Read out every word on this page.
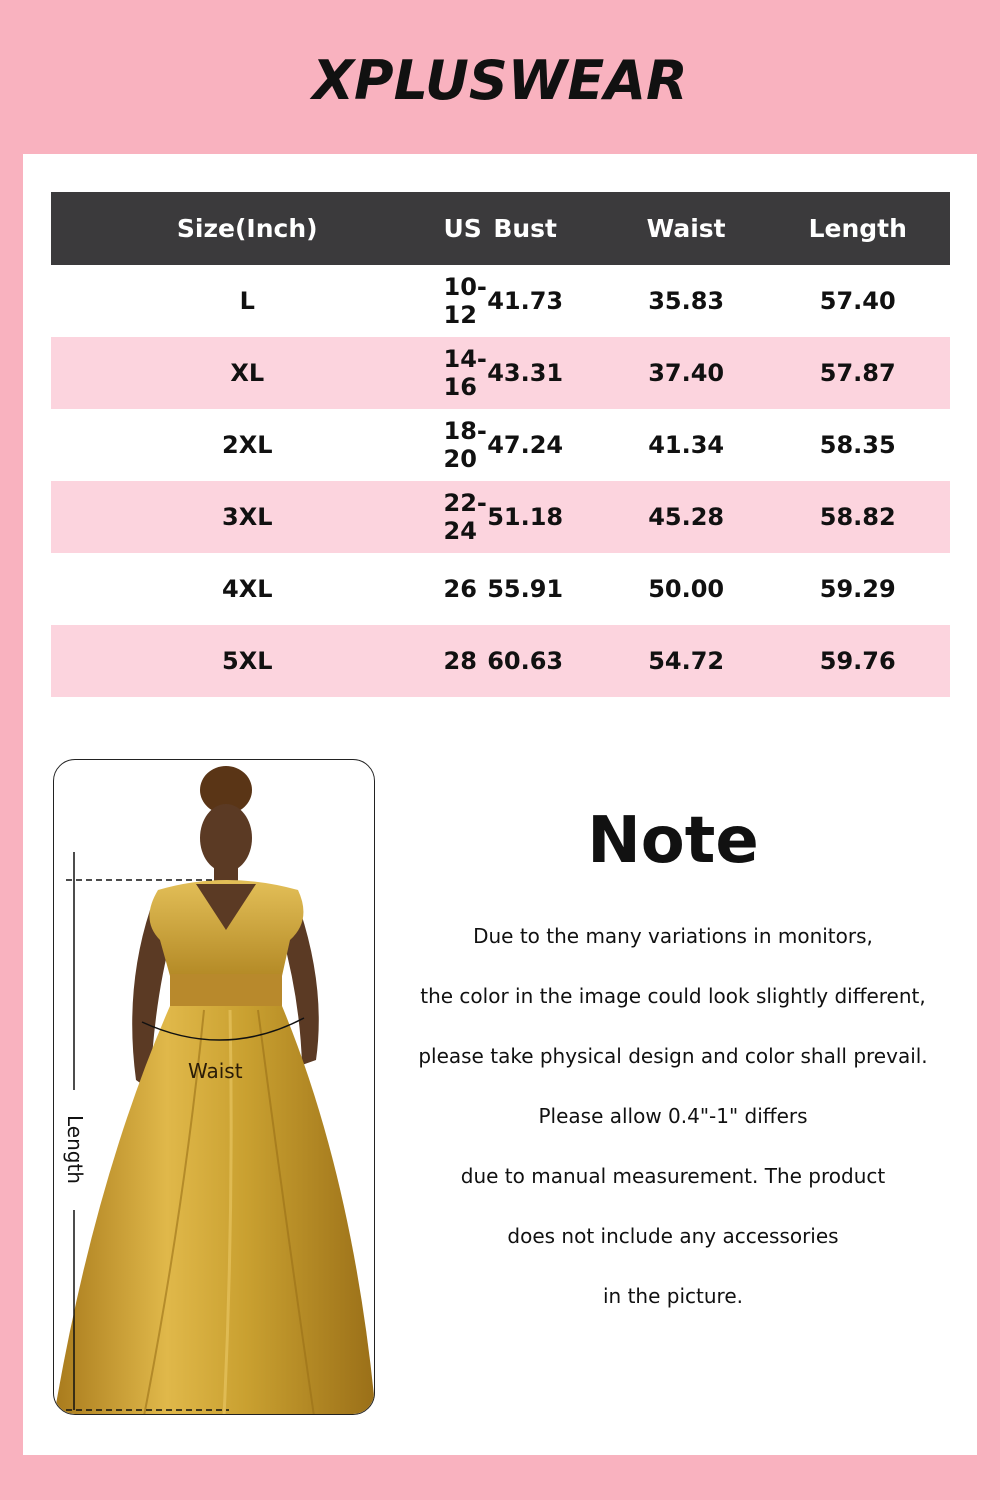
XPLUSWEAR
Size(Inch)	US	Bust	Waist	Length
L	10-12	41.73	35.83	57.40
XL	14-16	43.31	37.40	57.87
2XL	18-20	47.24	41.34	58.35
3XL	22-24	51.18	45.28	58.82
4XL	26	55.91	50.00	59.29
5XL	28	60.63	54.72	59.76
Waist
Length
Note
Due to the many variations in monitors,
the color in the image could look slightly different,
please take physical design and color shall prevail.
Please allow 0.4"-1" differs
due to manual measurement. The product
does not include any accessories
in the picture.
